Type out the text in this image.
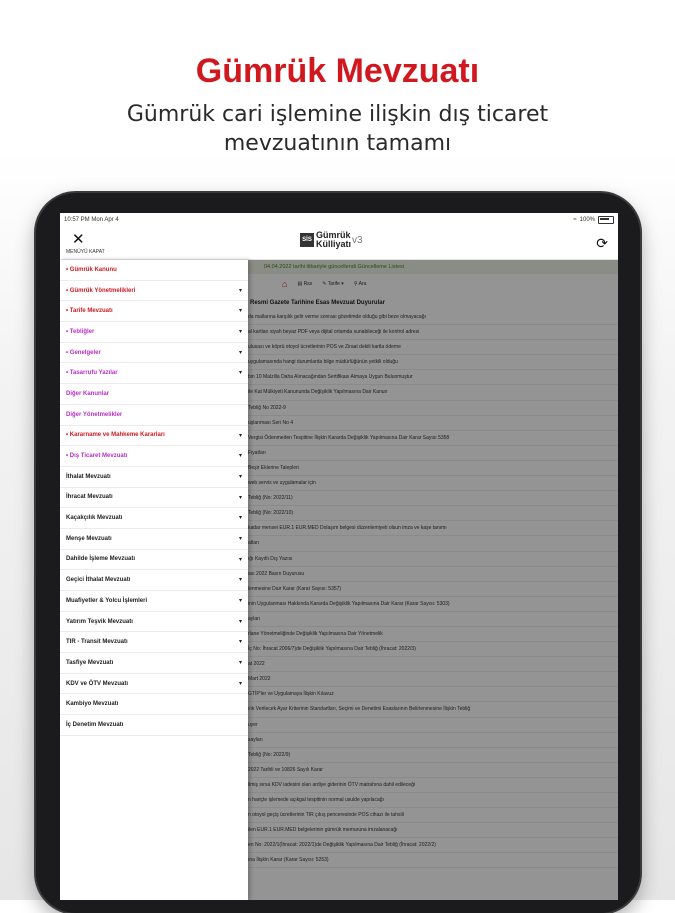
Gümrük Mevzuatı
Gümrük cari işlemine ilişkin dış ticaret
mevzuatının tamamı
10:57 PM Mon Apr 4	≈ 100%
✕
MENÜYÜ KAPAT
SİS Gümrük
Külliyatı v3	⟳
04.04.2022 tarihi itibariyle güncellendi Güncelleme Listesi
⌂ ▤ Rss ✎ Tarife ▾ ⚲ Ara
Resmi Gazete Tarihine Esas Mevzuat Duyurular
da mallarına karşılık gelir verme sonrası gözetimde olduğu gibi beze olmayacağı
al kartları siyah beyaz PDF veya dijital ortamda sunabileceği ile kontrol adresi
ulusası ve köprü otoyol ücretlerinin POS ve Ziraat dekili kartla ödeme
uygulamasında hangi durumlarda bilge müdürlüğünün yetkili olduğu
bin 10 Malzilla Daha Alınacağından Sertifikası Almaya Uygun Bulunmuştur
ile Kat Mülkiyeti Kanununda Değişiklik Yapılmasına Dair Kanun
Tebliğ No 2022-9
uşlanması Seri No 4
Vergisi Ödenmeden Tespitine İlişkin Kararda Değişiklik Yapılmasına Dair Karar Sayısı 5358
Fiyatları
Beşir Eklerine Talepleri
web servis ve uygulamalar için
Tebliğ (No: 2022/11)
Tebliğ (No: 2022/10)
kadar mensei EUR.1 EUR.MED Dolaşım belgesi düzenlemiyeti olsun imza ve kaşe tanımı
atları
ığı Kayıtlı Dış Yazısı
ası 2022 Basın Duyurusu
lenmesine Dair Karar (Karar Sayısı: 5357)
inin Uygulanması Hakkında Kararda Değişiklik Yapılmasına Dair Karar (Karar Sayısı: 5303)
ayları
rlane Yönetmeliğinde Değişiklik Yapılmasına Dair Yönetmelik
İç No: İhracat 2006/7)de Değişiklik Yapılmasına Dair Tebliğ (İhracat: 2022/3)
at 2022
Mart 2022
GTİP'ler ve Uygulamaya İlişkin Kılavuz
ılık Verilecek Ayar Kriterinin Standartları, Seçimi ve Denetimi Esaslarının Belirlenmesine İlişkin Tebliğ
uyer
sayları
Tebliğ (No: 2022/9)
2022 Tarihli ve 10826 Sayılı Karar
ilmiş sırsa KDV iadesini olan ardiye giderinin ÖTV matrahına dahil edileceği
n hariçte işlemede açıkgal tespitinin normal usulde yapılacağı
n otoyol geçiş ücretlerinin TIR çıkış penceresinde POS cihazı ile tahsili
ilen EUR.1 EUR.MED belgelerinin gümrük memuruna imzalanacağı
en No: 2022/1(İhracat: 2022/1)de Değişiklik Yapılmasına Dair Tebliğ (İhracat: 2022/2)
ına İlişkin Karar (Karar Sayısı: 5253)
• Gümrük Kanunu
• Gümrük Yönetmelikleri	▾
• Tarife Mevzuatı	▾
• Tebliğler	▾
• Genelgeler	▾
• Tasarrufu Yazılar	▾
Diğer Kanunlar
Diğer Yönetmelikler
• Kararname ve Mahkeme Kararları	▾
• Dış Ticaret Mevzuatı	▾
İthalat Mevzuatı	▾
İhracat Mevzuatı	▾
Kaçakçılık Mevzuatı	▾
Menşe Mevzuatı	▾
Dahilde İşleme Mevzuatı	▾
Geçici İthalat Mevzuatı	▾
Muafiyetler & Yolcu İşlemleri	▾
Yatırım Teşvik Mevzuatı	▾
TIR - Transit Mevzuatı	▾
Tasfiye Mevzuatı	▾
KDV ve ÖTV Mevzuatı	▾
Kambiyo Mevzuatı
İç Denetim Mevzuatı
